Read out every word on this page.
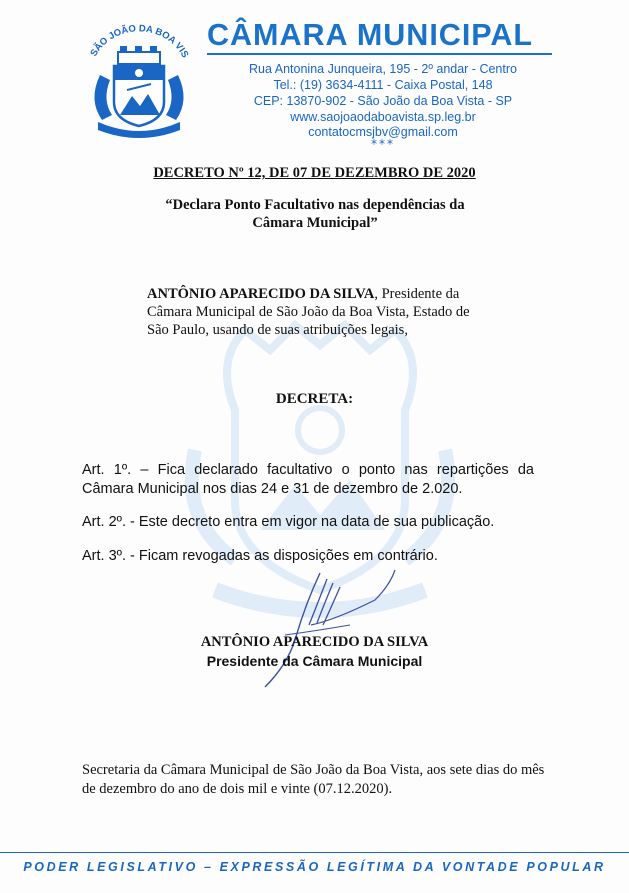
SÃO JOÃO DA BOA VIS
CÂMARA MUNICIPAL
Rua Antonina Junqueira, 195 - 2º andar - Centro
Tel.: (19) 3634-4111 - Caixa Postal, 148
CEP: 13870-902 - São João da Boa Vista - SP
www.saojoaodaboavista.sp.leg.br
contatocmsjbv@gmail.com
***
DECRETO Nº 12, DE 07 DE DEZEMBRO DE 2020
“Declara Ponto Facultativo nas dependências da Câmara Municipal”
ANTÔNIO APARECIDO DA SILVA, Presidente da Câmara Municipal de São João da Boa Vista, Estado de São Paulo, usando de suas atribuições legais,
DECRETA:
Art. 1º. – Fica declarado facultativo o ponto nas repartições da Câmara Municipal nos dias 24 e 31 de dezembro de 2.020.
Art. 2º. - Este decreto entra em vigor na data de sua publicação.
Art. 3º. - Ficam revogadas as disposições em contrário.
ANTÔNIO APARECIDO DA SILVA
Presidente da Câmara Municipal
Secretaria da Câmara Municipal de São João da Boa Vista, aos sete dias do mês de dezembro do ano de dois mil e vinte (07.12.2020).
PODER LEGISLATIVO – EXPRESSÃO LEGÍTIMA DA VONTADE POPULAR
